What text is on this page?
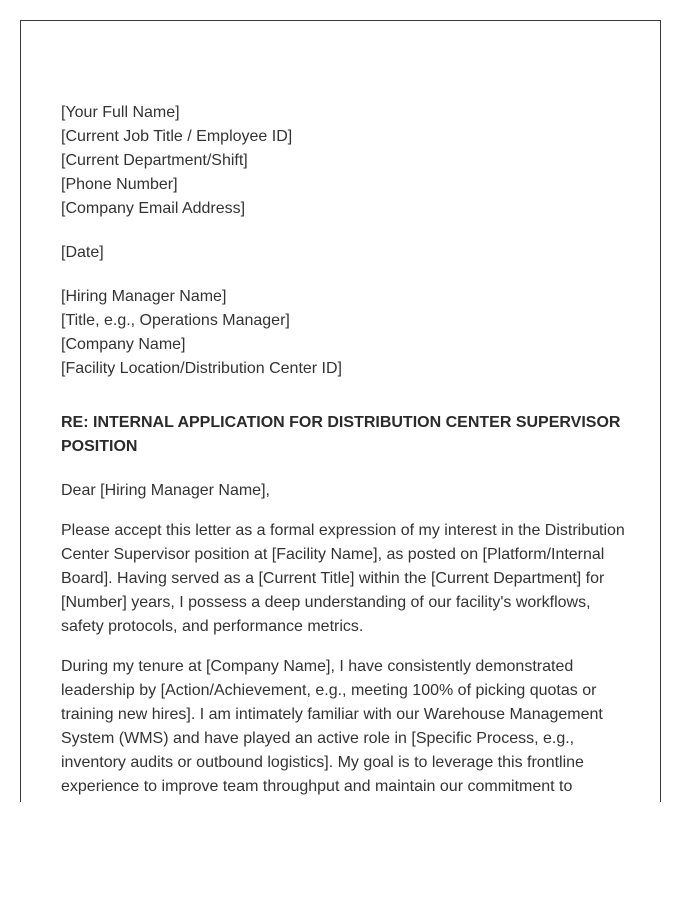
[Your Full Name]
[Current Job Title / Employee ID]
[Current Department/Shift]
[Phone Number]
[Company Email Address]
[Date]
[Hiring Manager Name]
[Title, e.g., Operations Manager]
[Company Name]
[Facility Location/Distribution Center ID]
RE: INTERNAL APPLICATION FOR DISTRIBUTION CENTER SUPERVISOR POSITION

Dear [Hiring Manager Name],

Please accept this letter as a formal expression of my interest in the Distribution Center Supervisor position at [Facility Name], as posted on [Platform/Internal Board]. Having served as a [Current Title] within the [Current Department] for [Number] years, I possess a deep understanding of our facility's workflows, safety protocols, and performance metrics.

During my tenure at [Company Name], I have consistently demonstrated leadership by [Action/Achievement, e.g., meeting 100% of picking quotas or training new hires]. I am intimately familiar with our Warehouse Management System (WMS) and have played an active role in [Specific Process, e.g., inventory audits or outbound logistics]. My goal is to leverage this frontline experience to improve team throughput and maintain our commitment to
